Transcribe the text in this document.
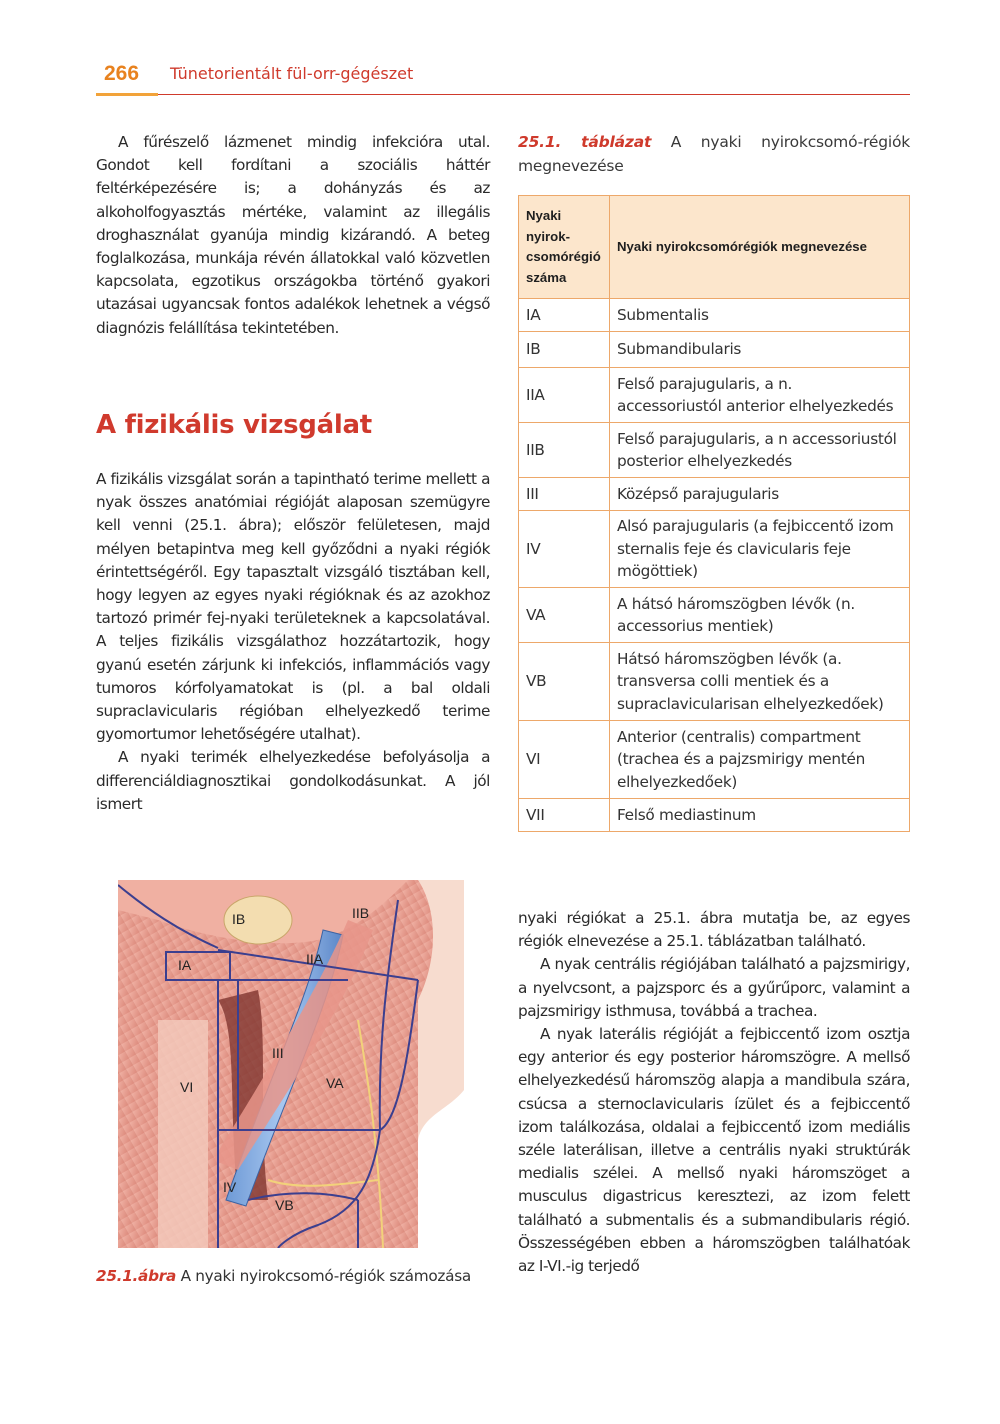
266 Tünetorientált fül-orr-gégészet

A fűrészelő lázmenet mindig infekcióra utal. Gondot kell fordítani a szociális háttér feltérképezésére is; a dohányzás és az alkoholfogyasztás mértéke, valamint az illegális droghasználat gyanúja mindig kizárandó. A beteg foglalkozása, munkája révén állatokkal való közvetlen kapcsolata, egzotikus országokba történő gyakori utazásai ugyancsak fontos adalékok lehetnek a végső diagnózis felállítása tekintetében.

A fizikális vizsgálat

A fizikális vizsgálat során a tapintható terime mellett a nyak összes anatómiai régióját alaposan szemügyre kell venni (25.1. ábra); először felületesen, majd mélyen betapintva meg kell győződni a nyaki régiók érintettségéről. Egy tapasztalt vizsgáló tisztában kell, hogy legyen az egyes nyaki régióknak és az azokhoz tartozó primér fej-nyaki területeknek a kapcsolatával. A teljes fizikális vizsgálathoz hozzátartozik, hogy gyanú esetén zárjunk ki infekciós, inflammációs vagy tumoros kórfolyamatokat is (pl. a bal oldali supraclavicularis régióban elhelyezkedő terime gyomortumor lehetőségére utalhat).

A nyaki terimék elhelyezkedése befolyásolja a differenciáldiagnosztikai gondolkodásunkat. A jól ismert

25.1. táblázat A nyaki nyirokcsomó-régiók megnevezése
Nyaki nyirok-csomórégió száma	Nyaki nyirokcsomórégiók megnevezése
IA	Submentalis
IB	Submandibularis
IIA	Felső parajugularis, a n. accessoriustól anterior elhelyezkedés
IIB	Felső parajugularis, a n accessoriustól posterior elhelyezkedés
III	Középső parajugularis
IV	Alsó parajugularis (a fejbiccentő izom sternalis feje és clavicularis feje mögöttiek)
VA	A hátsó háromszögben lévők (n. accessorius mentiek)
VB	Hátsó háromszögben lévők (a. transversa colli mentiek és a supraclavicularisan elhelyezkedőek)
VI	Anterior (centralis) compartment (trachea és a pajzsmirigy mentén elhelyezkedőek)
VII	Felső mediastinum
IB	IIB
IA	IIA
III
VI	VA
IV
VB
25.1.ábra A nyaki nyirokcsomó-régiók számozása

nyaki régiókat a 25.1. ábra mutatja be, az egyes régiók elnevezése a 25.1. táblázatban található.

A nyak centrális régiójában található a pajzsmirigy, a nyelvcsont, a pajzsporc és a gyűrűporc, valamint a pajzsmirigy isthmusa, továbbá a trachea.

A nyak laterális régióját a fejbiccentő izom osztja egy anterior és egy posterior háromszögre. A mellső elhelyezkedésű háromszög alapja a mandibula szára, csúcsa a sternoclavicularis ízület és a fejbiccentő izom találkozása, oldalai a fejbiccentő izom mediális széle laterálisan, illetve a centrális nyaki struktúrák medialis szélei. A mellső nyaki háromszöget a musculus digastricus keresztezi, az izom felett található a submentalis és a submandibularis régió. Összességében ebben a háromszögben találhatóak az I-VI.-ig terjedő
